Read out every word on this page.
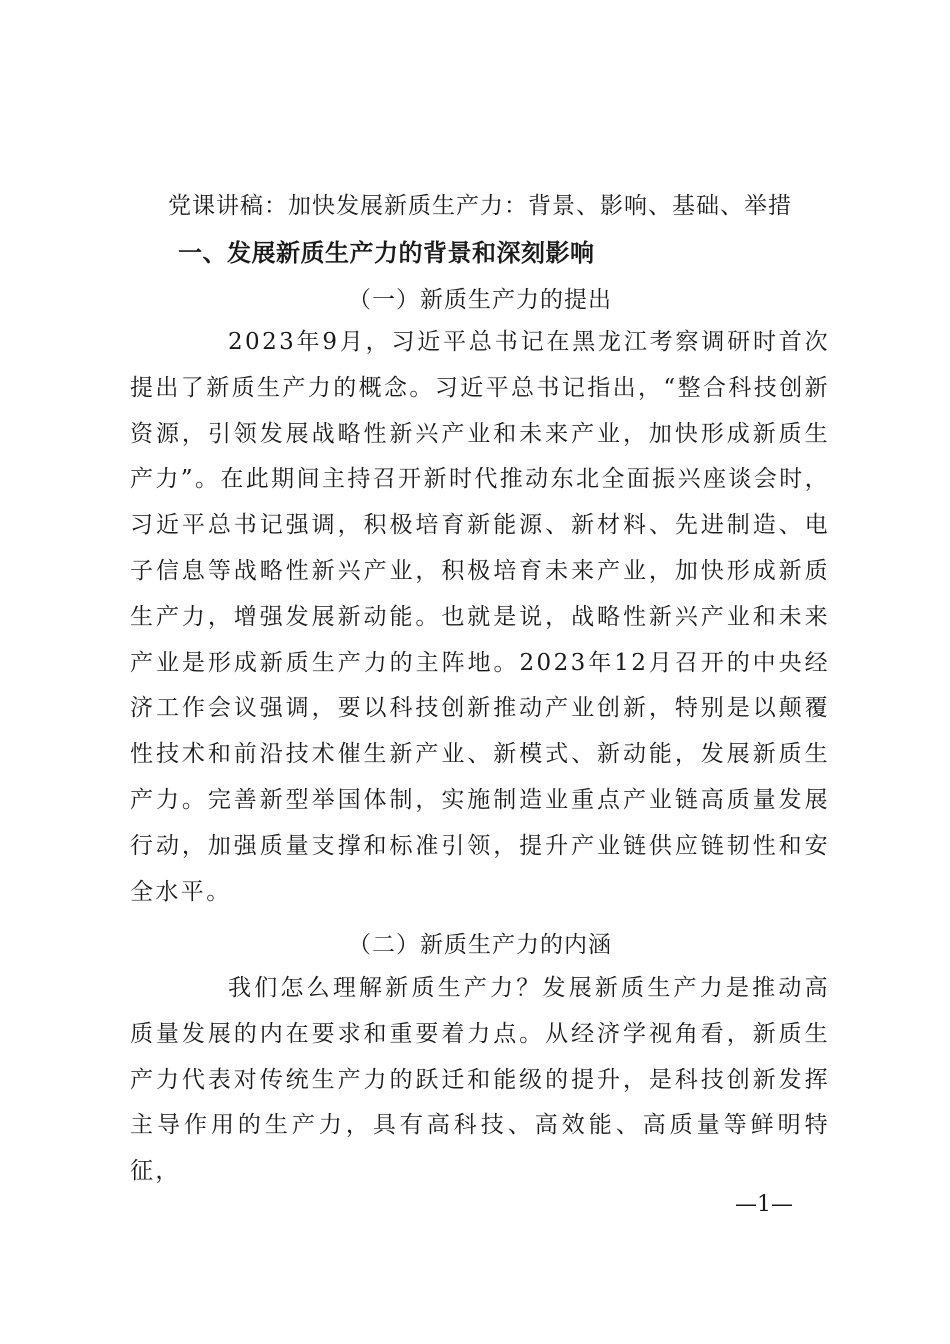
党课讲稿：加快发展新质生产力：背景、影响、基础、举措
一、发展新质生产力的背景和深刻影响
（一）新质生产力的提出

2023年9月，习近平总书记在黑龙江考察调研时首次提出了新质生产力的概念。习近平总书记指出，“整合科技创新资源，引领发展战略性新兴产业和未来产业，加快形成新质生产力”。在此期间主持召开新时代推动东北全面振兴座谈会时，习近平总书记强调，积极培育新能源、新材料、先进制造、电子信息等战略性新兴产业，积极培育未来产业，加快形成新质生产力，增强发展新动能。也就是说，战略性新兴产业和未来产业是形成新质生产力的主阵地。2023年12月召开的中央经济工作会议强调，要以科技创新推动产业创新，特别是以颠覆性技术和前沿技术催生新产业、新模式、新动能，发展新质生产力。完善新型举国体制，实施制造业重点产业链高质量发展行动，加强质量支撑和标准引领，提升产业链供应链韧性和安全水平。

（二）新质生产力的内涵

我们怎么理解新质生产力？发展新质生产力是推动高质量发展的内在要求和重要着力点。从经济学视角看，新质生产力代表对传统生产力的跃迁和能级的提升，是科技创新发挥主导作用的生产力，具有高科技、高效能、高质量等鲜明特征，

—1—
